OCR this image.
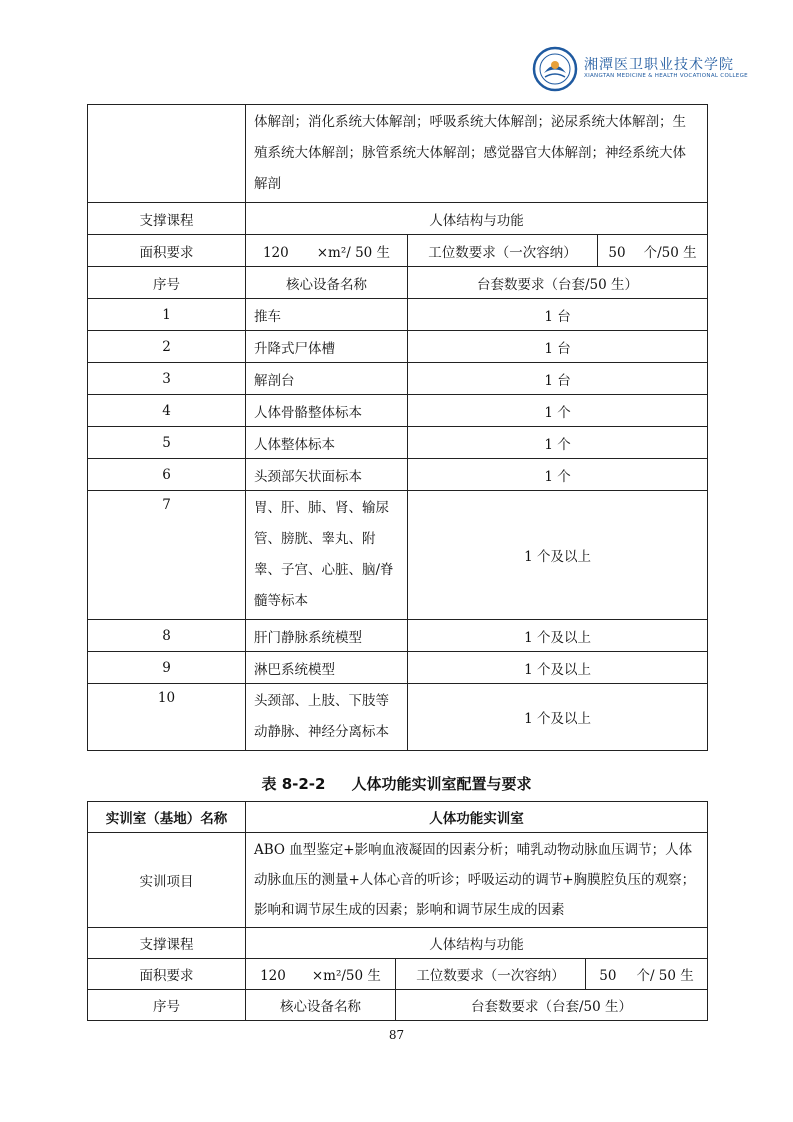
湘潭医卫职业技术学院
XIANGTAN MEDICINE & HEALTH VOCATIONAL COLLEGE
	体解剖；消化系统大体解剖；呼吸系统大体解剖；泌尿系统大体解剖；生殖系统大体解剖；脉管系统大体解剖；感觉器官大体解剖；神经系统大体解剖		
支撑课程	人体结构与功能		
面积要求	120 ×m²/ 50 生	工位数要求（一次容纳）	50 个/50 生
序号	核心设备名称	台套数要求（台套/50 生）	
1	推车	1 台	
2	升降式尸体槽	1 台	
3	解剖台	1 台	
4	人体骨骼整体标本	1 个	
5	人体整体标本	1 个	
6	头颈部矢状面标本	1 个	
7	胃、肝、肺、肾、输尿管、膀胱、睾丸、附睾、子宫、心脏、脑/脊髓等标本	1 个及以上	
8	肝门静脉系统模型	1 个及以上	
9	淋巴系统模型	1 个及以上	
10	头颈部、上肢、下肢等动静脉、神经分离标本	1 个及以上	
表 8-2-2 人体功能实训室配置与要求
实训室（基地）名称	人体功能实训室		
实训项目	ABO 血型鉴定+影响血液凝固的因素分析；哺乳动物动脉血压调节；人体动脉血压的测量+人体心音的听诊；呼吸运动的调节+胸膜腔负压的观察；影响和调节尿生成的因素；影响和调节尿生成的因素		
支撑课程	人体结构与功能		
面积要求	120 ×m²/50 生	工位数要求（一次容纳）	50 个/ 50 生
序号	核心设备名称	台套数要求（台套/50 生）	
87
